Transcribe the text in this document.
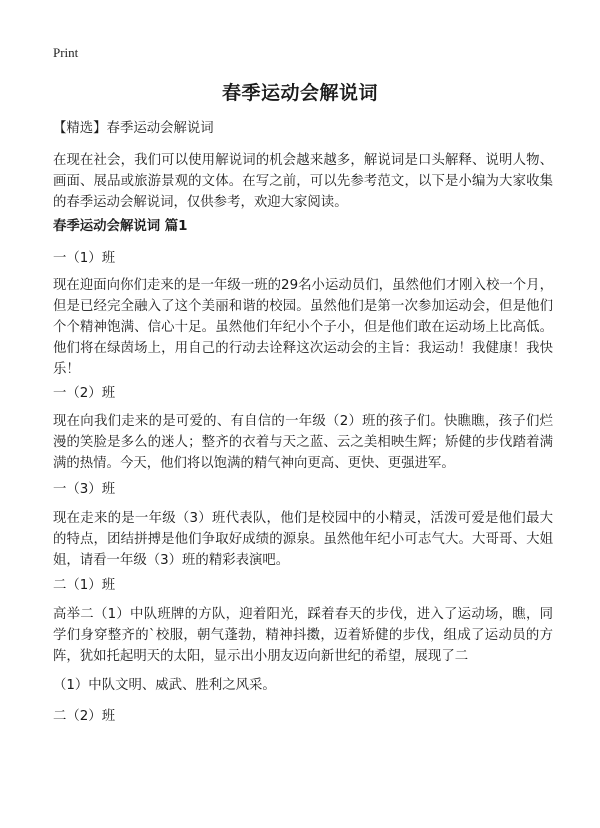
Print
春季运动会解说词
【精选】春季运动会解说词
在现在社会，我们可以使用解说词的机会越来越多，解说词是口头解释、说明人物、画面、展品或旅游景观的文体。在写之前，可以先参考范文，以下是小编为大家收集的春季运动会解说词，仅供参考，欢迎大家阅读。
春季运动会解说词 篇1
一（1）班
现在迎面向你们走来的是一年级一班的29名小运动员们，虽然他们才刚入校一个月，但是已经完全融入了这个美丽和谐的校园。虽然他们是第一次参加运动会，但是他们个个精神饱满、信心十足。虽然他们年纪小个子小，但是他们敢在运动场上比高低。他们将在绿茵场上，用自己的行动去诠释这次运动会的主旨：我运动！我健康！我快乐！
一（2）班
现在向我们走来的是可爱的、有自信的一年级（2）班的孩子们。快瞧瞧，孩子们烂漫的笑脸是多么的迷人；整齐的衣着与天之蓝、云之美相映生辉；矫健的步伐踏着满满的热情。今天，他们将以饱满的精气神向更高、更快、更强进军。
一（3）班
现在走来的是一年级（3）班代表队，他们是校园中的小精灵，活泼可爱是他们最大的特点，团结拼搏是他们争取好成绩的源泉。虽然他年纪小可志气大。大哥哥、大姐姐，请看一年级（3）班的精彩表演吧。
二（1）班
高举二（1）中队班牌的方队，迎着阳光，踩着春天的步伐，进入了运动场，瞧，同学们身穿整齐的`校服，朝气蓬勃，精神抖擞，迈着矫健的步伐，组成了运动员的方阵，犹如托起明天的太阳，显示出小朋友迈向新世纪的希望，展现了二
（1）中队文明、威武、胜利之风采。
二（2）班
